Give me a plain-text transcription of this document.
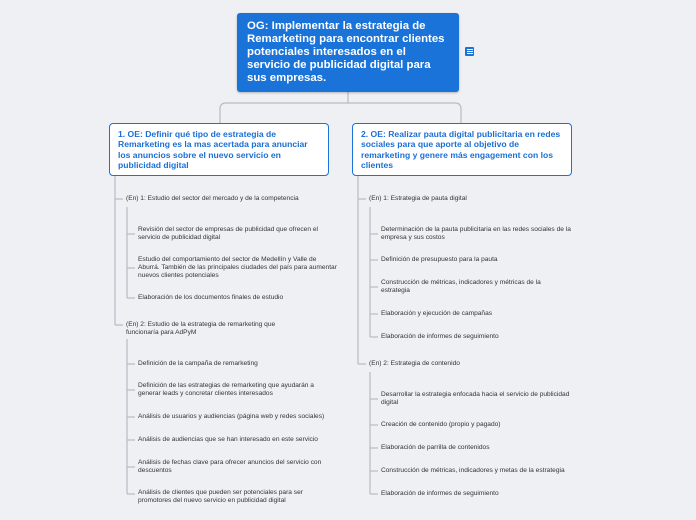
OG: Implementar la estrategia de Remarketing para encontrar clientes potenciales interesados en el servicio de publicidad digital para sus empresas.
1. OE: Definir qué tipo de estrategia de Remarketing es la mas acertada para anunciar los anuncios sobre el nuevo servicio en publicidad digital
(En) 1: Estudio del sector del mercado y de la competencia
Revisión del sector de empresas de publicidad que ofrecen el servicio de publicidad digital
Estudio del comportamiento del sector de Medellín y Valle de Aburrá. También de las principales ciudades del país para aumentar nuevos clientes potenciales
Elaboración de los documentos finales de estudio
(En) 2: Estudio de la estrategia de remarketing que funcionaría para AdPyM
Definición de la campaña de remarketing
Definición de las estrategias de remarketing que ayudarán a generar leads y concretar clientes interesados
Análisis de usuarios y audiencias (página web y redes sociales)
Análisis de audiencias que se han interesado en este servicio
Análisis de fechas clave para ofrecer anuncios del servicio con descuentos
Análisis de clientes que pueden ser potenciales para ser promotores del nuevo servicio en publicidad digital
2. OE: Realizar pauta digital publicitaria en redes sociales para que aporte al objetivo de remarketing y genere más engagement con los clientes
(En) 1: Estrategia de pauta digital
Determinación de la pauta publicitaria en las redes sociales de la empresa y sus costos
Definición de presupuesto para la pauta
Construcción de métricas, indicadores y métricas de la estrategia
Elaboración y ejecución de campañas
Elaboración de informes de seguimiento
(En) 2: Estrategia de contenido
Desarrollar la estrategia enfocada hacia el servicio de publicidad digital
Creación de contenido (propio y pagado)
Elaboración de parrilla de contenidos
Construcción de métricas, indicadores y metas de la estrategia
Elaboración de informes de seguimiento
